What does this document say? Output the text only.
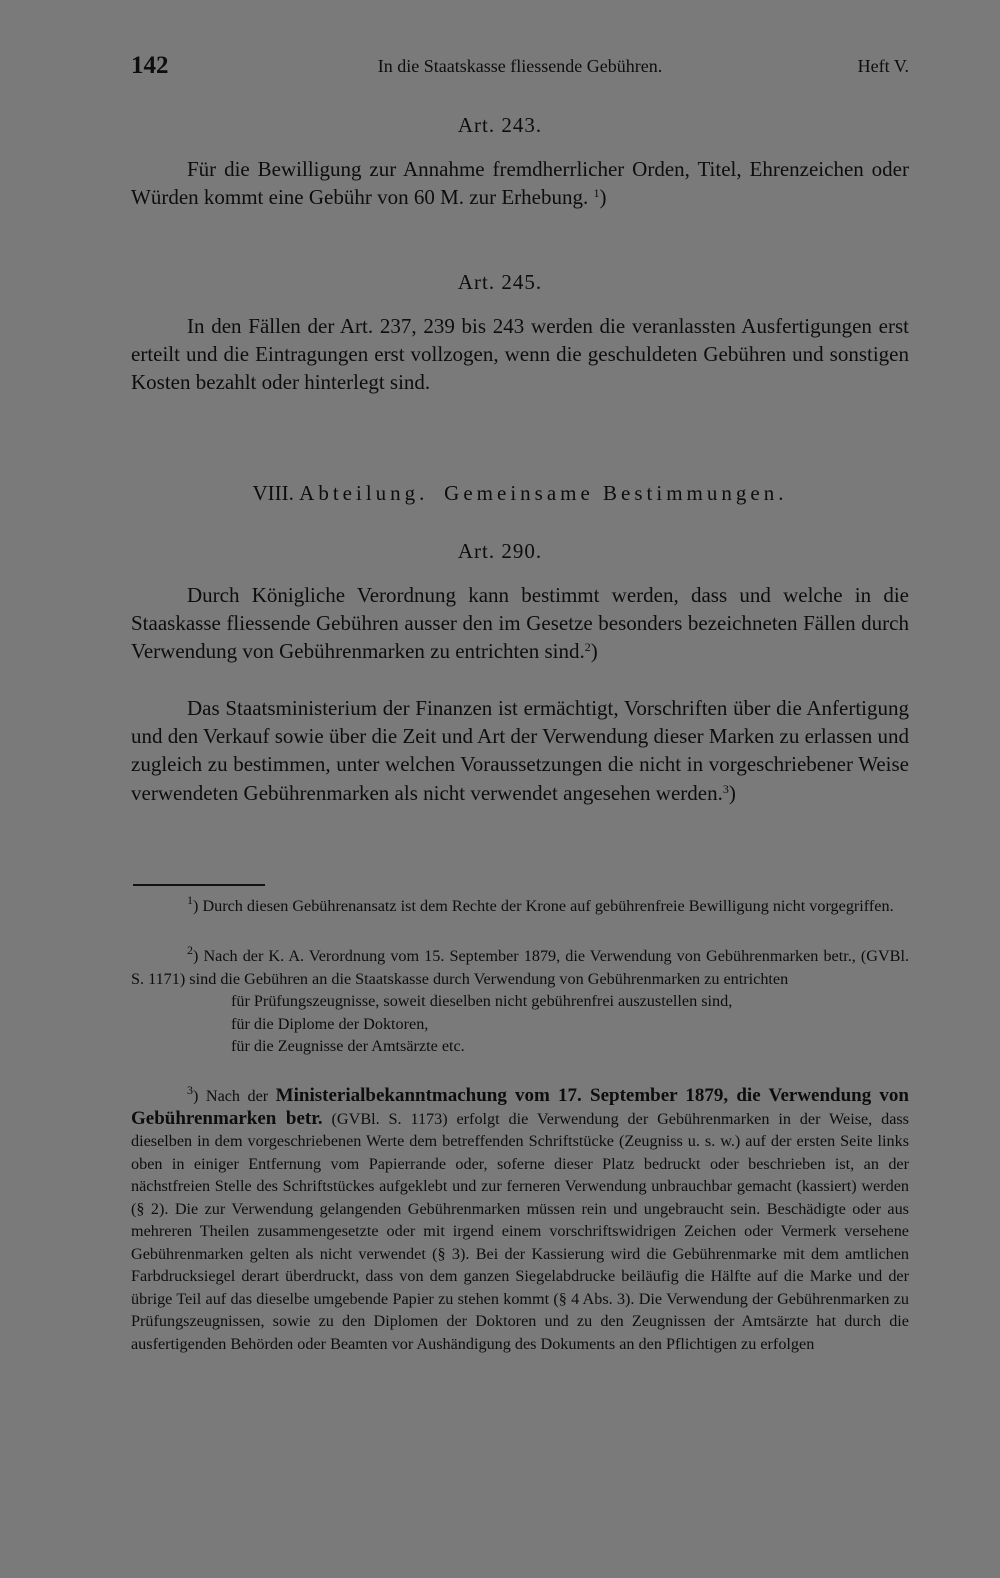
142	In die Staatskasse fliessende Gebühren.	Heft V.
Art. 243.
Für die Bewilligung zur Annahme fremdherrlicher Orden, Titel, Ehrenzeichen oder Würden kommt eine Gebühr von 60 M. zur Erhebung. $^1$)
Art. 245.
In den Fällen der Art. 237, 239 bis 243 werden die veranlassten Ausfertigungen erst erteilt und die Eintragungen erst vollzogen, wenn die geschuldeten Gebühren und sonstigen Kosten bezahlt oder hinterlegt sind.
VIII. Abteilung. Gemeinsame Bestimmungen.
Art. 290.
Durch Königliche Verordnung kann bestimmt werden, dass und welche in die Staaskasse fliessende Gebühren ausser den im Gesetze besonders bezeichneten Fällen durch Verwendung von Gebührenmarken zu entrichten sind.$^2$)
Das Staatsministerium der Finanzen ist ermächtigt, Vorschriften über die Anfertigung und den Verkauf sowie über die Zeit und Art der Verwendung dieser Marken zu erlassen und zugleich zu bestimmen, unter welchen Voraussetzungen die nicht in vorgeschriebener Weise verwendeten Gebührenmarken als nicht verwendet angesehen werden.$^3$)
$^1$) Durch diesen Gebührenansatz ist dem Rechte der Krone auf gebührenfreie Bewilligung nicht vorgegriffen.
$^2$) Nach der K. A. Verordnung vom 15. September 1879, die Verwendung von Gebührenmarken betr., (GVBl. S. 1171) sind die Gebühren an die Staatskasse durch Verwendung von Gebührenmarken zu entrichten
für Prüfungszeugnisse, soweit dieselben nicht gebührenfrei auszustellen sind,
für die Diplome der Doktoren,
für die Zeugnisse der Amtsärzte etc.
$^3$) Nach der Ministerialbekanntmachung vom 17. September 1879, die Verwendung von Gebührenmarken betr. (GVBl. S. 1173) erfolgt die Verwendung der Gebührenmarken in der Weise, dass dieselben in dem vorgeschriebenen Werte dem betreffenden Schriftstücke (Zeugniss u. s. w.) auf der ersten Seite links oben in einiger Entfernung vom Papierrande oder, soferne dieser Platz bedruckt oder beschrieben ist, an der nächstfreien Stelle des Schriftstückes aufgeklebt und zur ferneren Verwendung unbrauchbar gemacht (kassiert) werden (§ 2). Die zur Verwendung gelangenden Gebührenmarken müssen rein und ungebraucht sein. Beschädigte oder aus mehreren Theilen zusammengesetzte oder mit irgend einem vorschriftswidrigen Zeichen oder Vermerk versehene Gebührenmarken gelten als nicht verwendet (§ 3). Bei der Kassierung wird die Gebührenmarke mit dem amtlichen Farbdrucksiegel derart überdruckt, dass von dem ganzen Siegelabdrucke beiläufig die Hälfte auf die Marke und der übrige Teil auf das dieselbe umgebende Papier zu stehen kommt (§ 4 Abs. 3). Die Verwendung der Gebührenmarken zu Prüfungszeugnissen, sowie zu den Diplomen der Doktoren und zu den Zeugnissen der Amtsärzte hat durch die ausfertigenden Behörden oder Beamten vor Aushändigung des Dokuments an den Pflichtigen zu erfolgen
